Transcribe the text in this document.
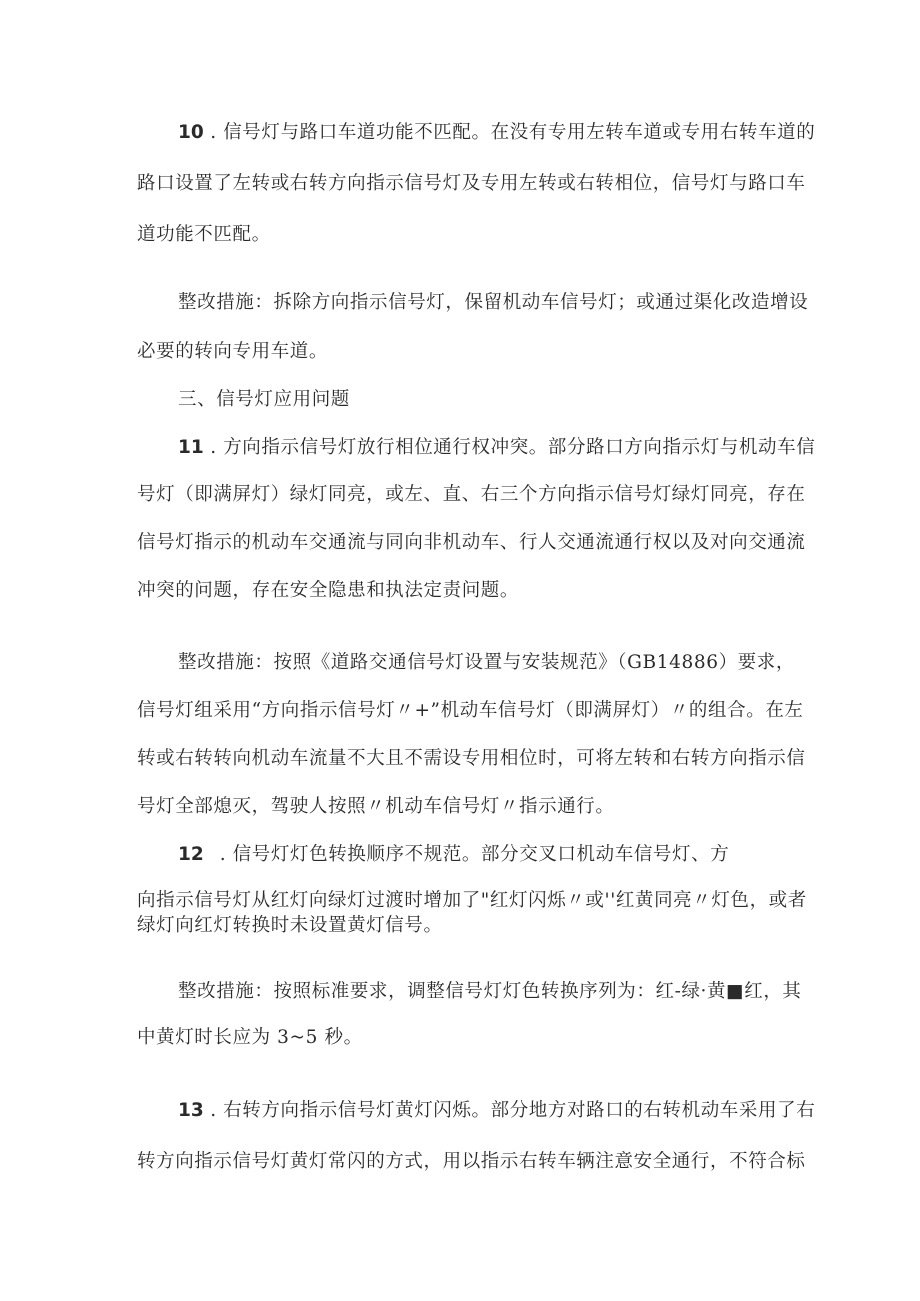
10 . 信号灯与路口车道功能不匹配。在没有专用左转车道或专用右转车道的
路口设置了左转或右转方向指示信号灯及专用左转或右转相位，信号灯与路口车
道功能不匹配。
整改措施：拆除方向指示信号灯，保留机动车信号灯；或通过渠化改造增设
必要的转向专用车道。
三、信号灯应用问题
11 . 方向指示信号灯放行相位通行权冲突。部分路口方向指示灯与机动车信
号灯（即满屏灯）绿灯同亮，或左、直、右三个方向指示信号灯绿灯同亮，存在
信号灯指示的机动车交通流与同向非机动车、行人交通流通行权以及对向交通流
冲突的问题，存在安全隐患和执法定责问题。
整改措施：按照《道路交通信号灯设置与安装规范》（GB14886）要求，
信号灯组采用“方向指示信号灯〃+”机动车信号灯（即满屏灯）〃的组合。在左
转或右转转向机动车流量不大且不需设专用相位时，可将左转和右转方向指示信
号灯全部熄灭，驾驶人按照〃机动车信号灯〃指示通行。
12 . 信号灯灯色转换顺序不规范。部分交叉口机动车信号灯、方
向指示信号灯从红灯向绿灯过渡时增加了"红灯闪烁〃或''红黄同亮〃灯色，或者
绿灯向红灯转换时未设置黄灯信号。
整改措施：按照标准要求，调整信号灯灯色转换序列为：红-绿·黄■红，其
中黄灯时长应为 3~5 秒。
13 . 右转方向指示信号灯黄灯闪烁。部分地方对路口的右转机动车采用了右
转方向指示信号灯黄灯常闪的方式，用以指示右转车辆注意安全通行，不符合标
